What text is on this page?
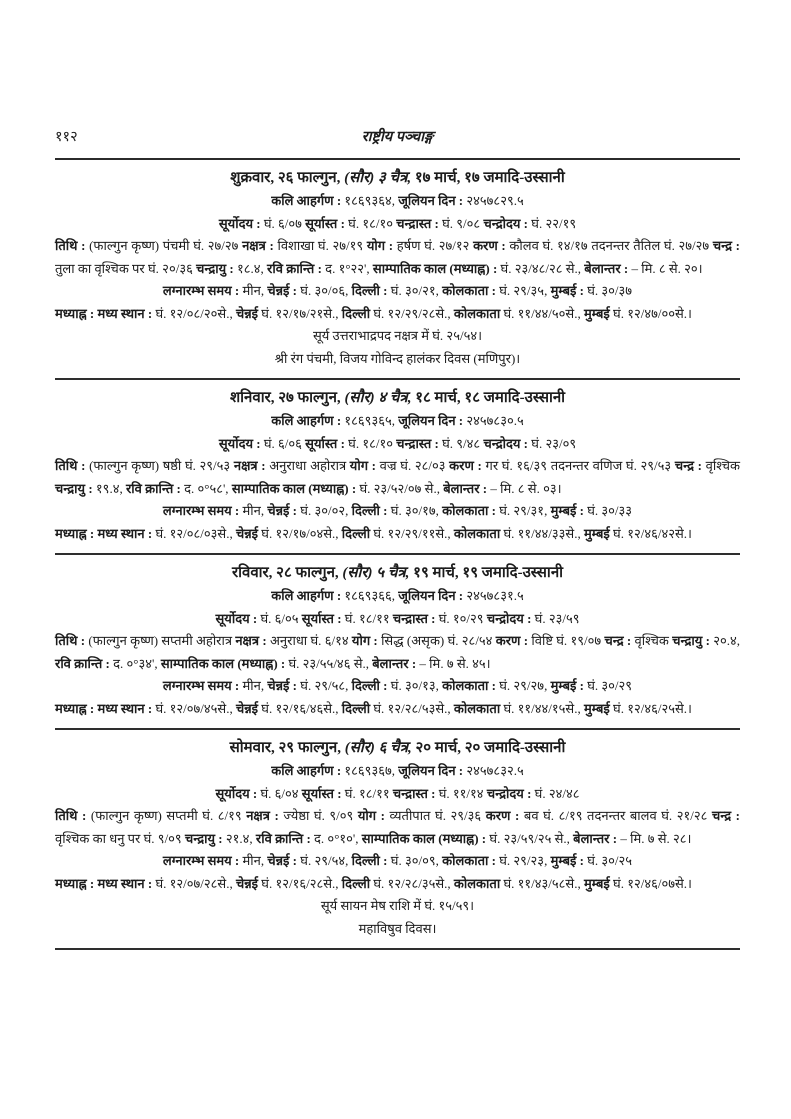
११२	राष्ट्रीय पञ्चाङ्ग
शुक्रवार, २६ फाल्गुन, (सौर) ३ चैत्र, १७ मार्च, १७ जमादि-उस्सानी
कलि आहर्गण : १८६९३६४, जूलियन दिन : २४५७८२९.५
सूर्योदय : घं. ६/०७ सूर्यास्त : घं. १८/१० चन्द्रास्त : घं. ९/०८ चन्द्रोदय : घं. २२/१९
तिथि : (फाल्गुन कृष्ण) पंचमी घं. २७/२७ नक्षत्र : विशाखा घं. २७/१९ योग : हर्षण घं. २७/१२ करण : कौलव घं. १४/१७ तदनन्तर तैतिल घं. २७/२७ चन्द्र : तुला का वृश्चिक पर घं. २०/३६ चन्द्रायु : १८.४, रवि क्रान्ति : द. १°२२', साम्पातिक काल (मध्याह्न) : घं. २३/४८/२८ से., बेलान्तर : – मि. ८ से. २०।
लग्नारम्भ समय : मीन, चेन्नई : घं. ३०/०६, दिल्ली : घं. ३०/२१, कोलकाता : घं. २९/३५, मुम्बई : घं. ३०/३७
मध्याह्न : मध्य स्थान : घं. १२/०८/२०से., चेन्नई घं. १२/१७/२१से., दिल्ली घं. १२/२९/२८से., कोलकाता घं. ११/४४/५०से., मुम्बई घं. १२/४७/००से.।
सूर्य उत्तराभाद्रपद नक्षत्र में घं. २५/५४।
श्री रंग पंचमी, विजय गोविन्द हालंकर दिवस (मणिपुर)।
शनिवार, २७ फाल्गुन, (सौर) ४ चैत्र, १८ मार्च, १८ जमादि-उस्सानी
कलि आहर्गण : १८६९३६५, जूलियन दिन : २४५७८३०.५
सूर्योदय : घं. ६/०६ सूर्यास्त : घं. १८/१० चन्द्रास्त : घं. ९/४८ चन्द्रोदय : घं. २३/०९
तिथि : (फाल्गुन कृष्ण) षष्ठी घं. २९/५३ नक्षत्र : अनुराधा अहोरात्र योग : वज्र घं. २८/०३ करण : गर घं. १६/३९ तदनन्तर वणिज घं. २९/५३ चन्द्र : वृश्चिक चन्द्रायु : १९.४, रवि क्रान्ति : द. ०°५८', साम्पातिक काल (मध्याह्न) : घं. २३/५२/०७ से., बेलान्तर : – मि. ८ से. ०३।
लग्नारम्भ समय : मीन, चेन्नई : घं. ३०/०२, दिल्ली : घं. ३०/१७, कोलकाता : घं. २९/३१, मुम्बई : घं. ३०/३३
मध्याह्न : मध्य स्थान : घं. १२/०८/०३से., चेन्नई घं. १२/१७/०४से., दिल्ली घं. १२/२९/११से., कोलकाता घं. ११/४४/३३से., मुम्बई घं. १२/४६/४२से.।
रविवार, २८ फाल्गुन, (सौर) ५ चैत्र, १९ मार्च, १९ जमादि-उस्सानी
कलि आहर्गण : १८६९३६६, जूलियन दिन : २४५७८३१.५
सूर्योदय : घं. ६/०५ सूर्यास्त : घं. १८/११ चन्द्रास्त : घं. १०/२९ चन्द्रोदय : घं. २३/५९
तिथि : (फाल्गुन कृष्ण) सप्तमी अहोरात्र नक्षत्र : अनुराधा घं. ६/१४ योग : सिद्ध (असृक) घं. २८/५४ करण : विष्टि घं. १९/०७ चन्द्र : वृश्चिक चन्द्रायु : २०.४, रवि क्रान्ति : द. ०°३४', साम्पातिक काल (मध्याह्न) : घं. २३/५५/४६ से., बेलान्तर : – मि. ७ से. ४५।
लग्नारम्भ समय : मीन, चेन्नई : घं. २९/५८, दिल्ली : घं. ३०/१३, कोलकाता : घं. २९/२७, मुम्बई : घं. ३०/२९
मध्याह्न : मध्य स्थान : घं. १२/०७/४५से., चेन्नई घं. १२/१६/४६से., दिल्ली घं. १२/२८/५३से., कोलकाता घं. ११/४४/१५से., मुम्बई घं. १२/४६/२५से.।
सोमवार, २९ फाल्गुन, (सौर) ६ चैत्र, २० मार्च, २० जमादि-उस्सानी
कलि आहर्गण : १८६९३६७, जूलियन दिन : २४५७८३२.५
सूर्योदय : घं. ६/०४ सूर्यास्त : घं. १८/११ चन्द्रास्त : घं. ११/१४ चन्द्रोदय : घं. २४/४८
तिथि : (फाल्गुन कृष्ण) सप्तमी घं. ८/१९ नक्षत्र : ज्येष्ठा घं. ९/०९ योग : व्यतीपात घं. २९/३६ करण : बव घं. ८/१९ तदनन्तर बालव घं. २१/२८ चन्द्र : वृश्चिक का धनु पर घं. ९/०९ चन्द्रायु : २१.४, रवि क्रान्ति : द. ०°१०', साम्पातिक काल (मध्याह्न) : घं. २३/५९/२५ से., बेलान्तर : – मि. ७ से. २८।
लग्नारम्भ समय : मीन, चेन्नई : घं. २९/५४, दिल्ली : घं. ३०/०९, कोलकाता : घं. २९/२३, मुम्बई : घं. ३०/२५
मध्याह्न : मध्य स्थान : घं. १२/०७/२८से., चेन्नई घं. १२/१६/२८से., दिल्ली घं. १२/२८/३५से., कोलकाता घं. ११/४३/५८से., मुम्बई घं. १२/४६/०७से.।
सूर्य सायन मेष राशि में घं. १५/५९।
महाविषुव दिवस।
